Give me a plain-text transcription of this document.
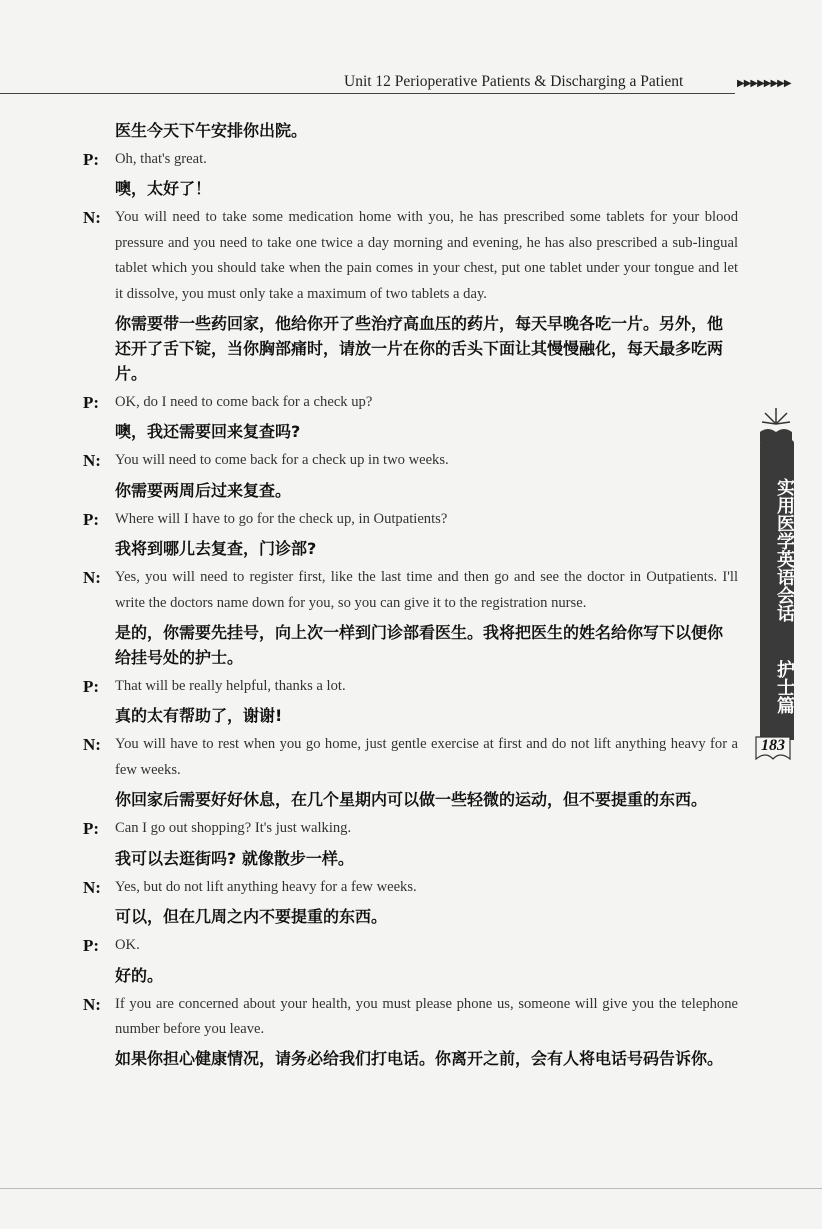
Unit 12 Perioperative Patients & Discharging a Patient	▶▶▶▶▶▶▶▶
医生今天下午安排你出院。
P:	Oh, that's great.
噢，太好了！
N: You will need to take some medication home with you, he has prescribed some tablets for your blood pressure and you need to take one twice a day morning and evening, he has also prescribed a sub-lingual tablet which you should take when the pain comes in your chest, put one tablet under your tongue and let it dissolve, you must only take a maximum of two tablets a day.
你需要带一些药回家，他给你开了些治疗高血压的药片，每天早晚各吃一片。另外，他还开了舌下锭，当你胸部痛时，请放一片在你的舌头下面让其慢慢融化，每天最多吃两片。
P:	OK, do I need to come back for a check up?
噢，我还需要回来复查吗?
N: You will need to come back for a check up in two weeks.
你需要两周后过来复查。
P:	Where will I have to go for the check up, in Outpatients?
我将到哪儿去复查，门诊部?
N: Yes, you will need to register first, like the last time and then go and see the doctor in Outpatients. I'll write the doctors name down for you, so you can give it to the registration nurse.
是的，你需要先挂号，向上次一样到门诊部看医生。我将把医生的姓名给你写下以便你给挂号处的护士。
P:	That will be really helpful, thanks a lot.
真的太有帮助了，谢谢!
N: You will have to rest when you go home, just gentle exercise at first and do not lift anything heavy for a few weeks.
你回家后需要好好休息，在几个星期内可以做一些轻微的运动，但不要提重的东西。
P:	Can I go out shopping? It's just walking.
我可以去逛街吗? 就像散步一样。
N: Yes, but do not lift anything heavy for a few weeks.
可以，但在几周之内不要提重的东西。
P:	OK.
好的。
N: If you are concerned about your health, you must please phone us, someone will give you the telephone number before you leave.
如果你担心健康情况，请务必给我们打电话。你离开之前，会有人将电话号码告诉你。
实用医学英语会话
护士篇
183
